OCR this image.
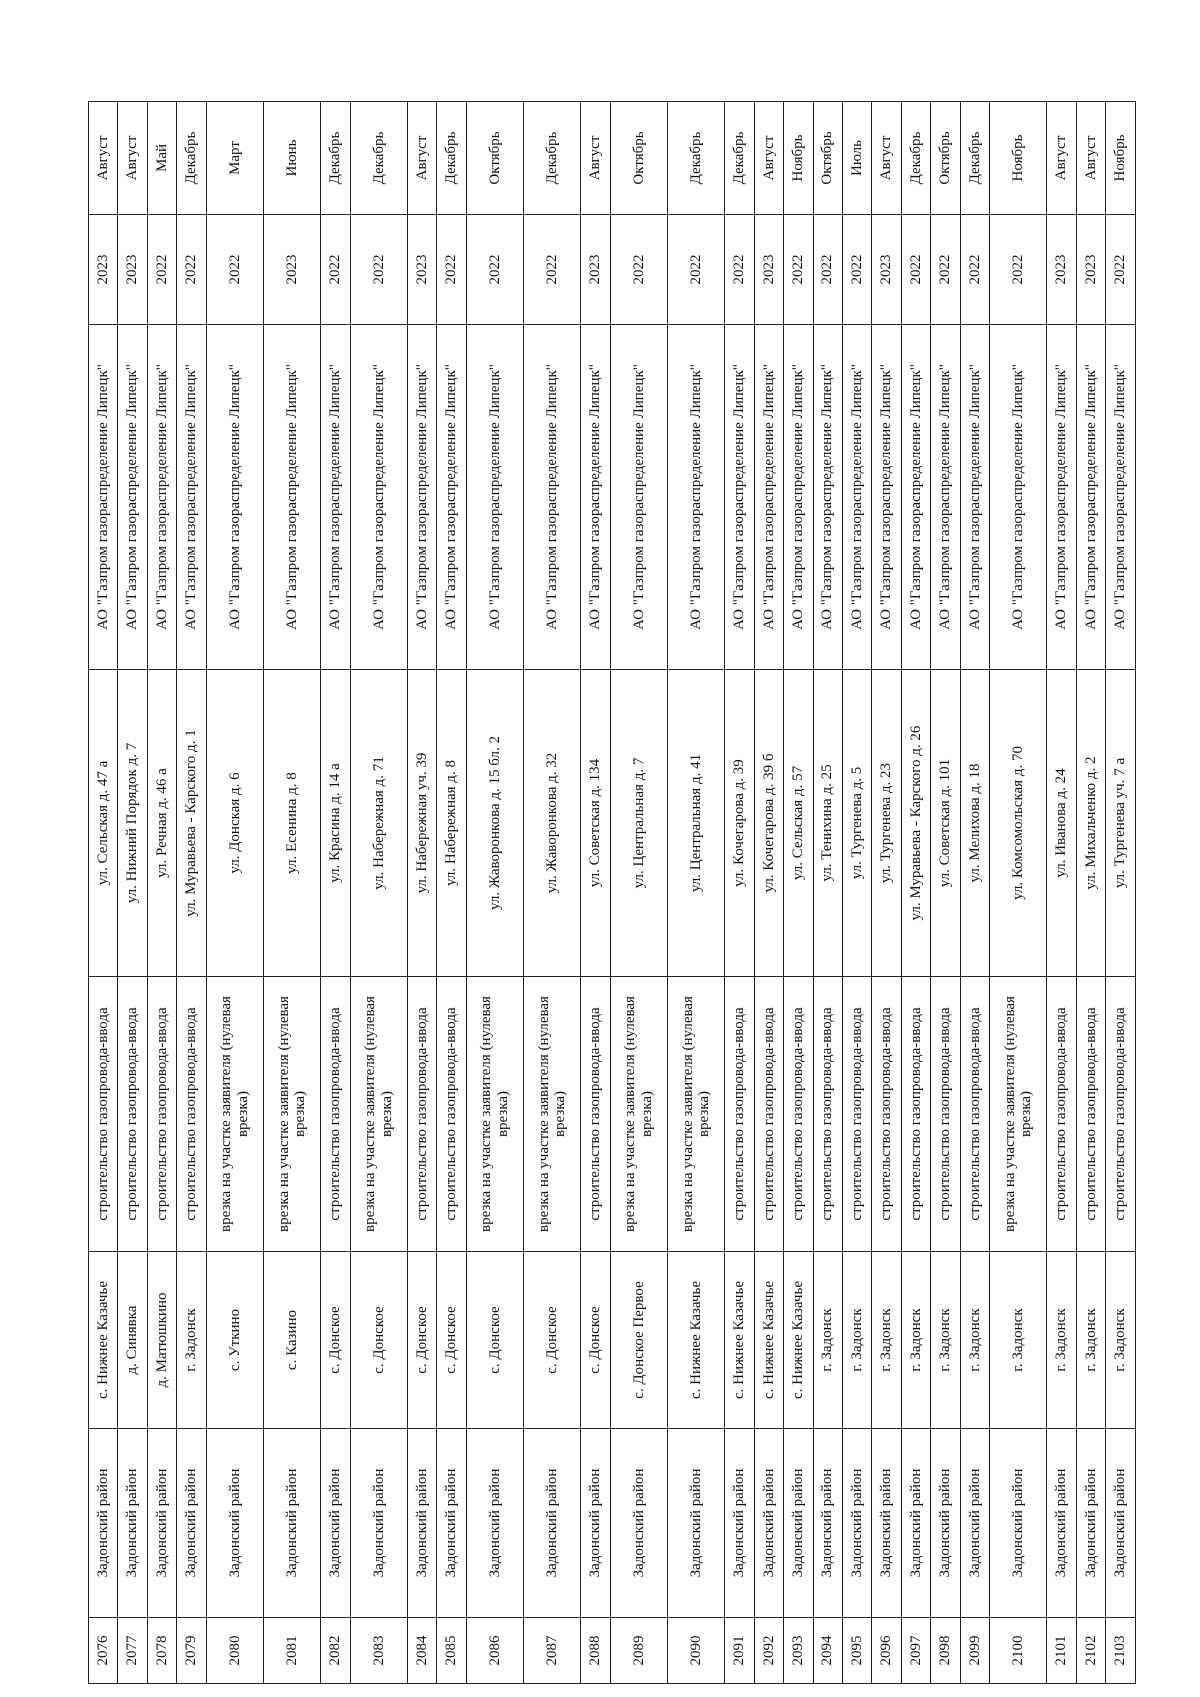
2076	Задонский район	с. Нижнее Казачье	строительство газопровода-ввода	ул. Сельская д. 47 а	АО "Газпром газораспределение Липецк"	2023	Август
2077	Задонский район	д. Синявка	строительство газопровода-ввода	ул. Нижний Порядок д. 7	АО "Газпром газораспределение Липецк"	2023	Август
2078	Задонский район	д. Матюшкино	строительство газопровода-ввода	ул. Речная д. 46 а	АО "Газпром газораспределение Липецк"	2022	Май
2079	Задонский район	г. Задонск	строительство газопровода-ввода	ул. Муравьева - Карского д. 1	АО "Газпром газораспределение Липецк"	2022	Декабрь
2080	Задонский район	с. Уткино	врезка на участке заявителя (нулевая врезка)	ул. Донская д. 6	АО "Газпром газораспределение Липецк"	2022	Март
2081	Задонский район	с. Казино	врезка на участке заявителя (нулевая врезка)	ул. Есенина д. 8	АО "Газпром газораспределение Липецк"	2023	Июнь
2082	Задонский район	с. Донское	строительство газопровода-ввода	ул. Красина д. 14 а	АО "Газпром газораспределение Липецк"	2022	Декабрь
2083	Задонский район	с. Донское	врезка на участке заявителя (нулевая врезка)	ул. Набережная д. 71	АО "Газпром газораспределение Липецк"	2022	Декабрь
2084	Задонский район	с. Донское	строительство газопровода-ввода	ул. Набережная уч. 39	АО "Газпром газораспределение Липецк"	2023	Август
2085	Задонский район	с. Донское	строительство газопровода-ввода	ул. Набережная д. 8	АО "Газпром газораспределение Липецк"	2022	Декабрь
2086	Задонский район	с. Донское	врезка на участке заявителя (нулевая врезка)	ул. Жаворонкова д. 15 бл. 2	АО "Газпром газораспределение Липецк"	2022	Октябрь
2087	Задонский район	с. Донское	врезка на участке заявителя (нулевая врезка)	ул. Жаворонкова д. 32	АО "Газпром газораспределение Липецк"	2022	Декабрь
2088	Задонский район	с. Донское	строительство газопровода-ввода	ул. Советская д. 134	АО "Газпром газораспределение Липецк"	2023	Август
2089	Задонский район	с. Донское Первое	врезка на участке заявителя (нулевая врезка)	ул. Центральная д. 7	АО "Газпром газораспределение Липецк"	2022	Октябрь
2090	Задонский район	с. Нижнее Казачье	врезка на участке заявителя (нулевая врезка)	ул. Центральная д. 41	АО "Газпром газораспределение Липецк"	2022	Декабрь
2091	Задонский район	с. Нижнее Казачье	строительство газопровода-ввода	ул. Кочегарова д. 39	АО "Газпром газораспределение Липецк"	2022	Декабрь
2092	Задонский район	с. Нижнее Казачье	строительство газопровода-ввода	ул. Кочегарова д. 39 б	АО "Газпром газораспределение Липецк"	2023	Август
2093	Задонский район	с. Нижнее Казачье	строительство газопровода-ввода	ул. Сельская д. 57	АО "Газпром газораспределение Липецк"	2022	Ноябрь
2094	Задонский район	г. Задонск	строительство газопровода-ввода	ул. Тенихина д. 25	АО "Газпром газораспределение Липецк"	2022	Октябрь
2095	Задонский район	г. Задонск	строительство газопровода-ввода	ул. Тургенева д. 5	АО "Газпром газораспределение Липецк"	2022	Июль
2096	Задонский район	г. Задонск	строительство газопровода-ввода	ул. Тургенева д. 23	АО "Газпром газораспределение Липецк"	2023	Август
2097	Задонский район	г. Задонск	строительство газопровода-ввода	ул. Муравьева - Карского д. 26	АО "Газпром газораспределение Липецк"	2022	Декабрь
2098	Задонский район	г. Задонск	строительство газопровода-ввода	ул. Советская д. 101	АО "Газпром газораспределение Липецк"	2022	Октябрь
2099	Задонский район	г. Задонск	строительство газопровода-ввода	ул. Мелихова д. 18	АО "Газпром газораспределение Липецк"	2022	Декабрь
2100	Задонский район	г. Задонск	врезка на участке заявителя (нулевая врезка)	ул. Комсомольская д. 70	АО "Газпром газораспределение Липецк"	2022	Ноябрь
2101	Задонский район	г. Задонск	строительство газопровода-ввода	ул. Иванова д. 24	АО "Газпром газораспределение Липецк"	2023	Август
2102	Задонский район	г. Задонск	строительство газопровода-ввода	ул. Михальченко д. 2	АО "Газпром газораспределение Липецк"	2023	Август
2103	Задонский район	г. Задонск	строительство газопровода-ввода	ул. Тургенева уч. 7 а	АО "Газпром газораспределение Липецк"	2022	Ноябрь
